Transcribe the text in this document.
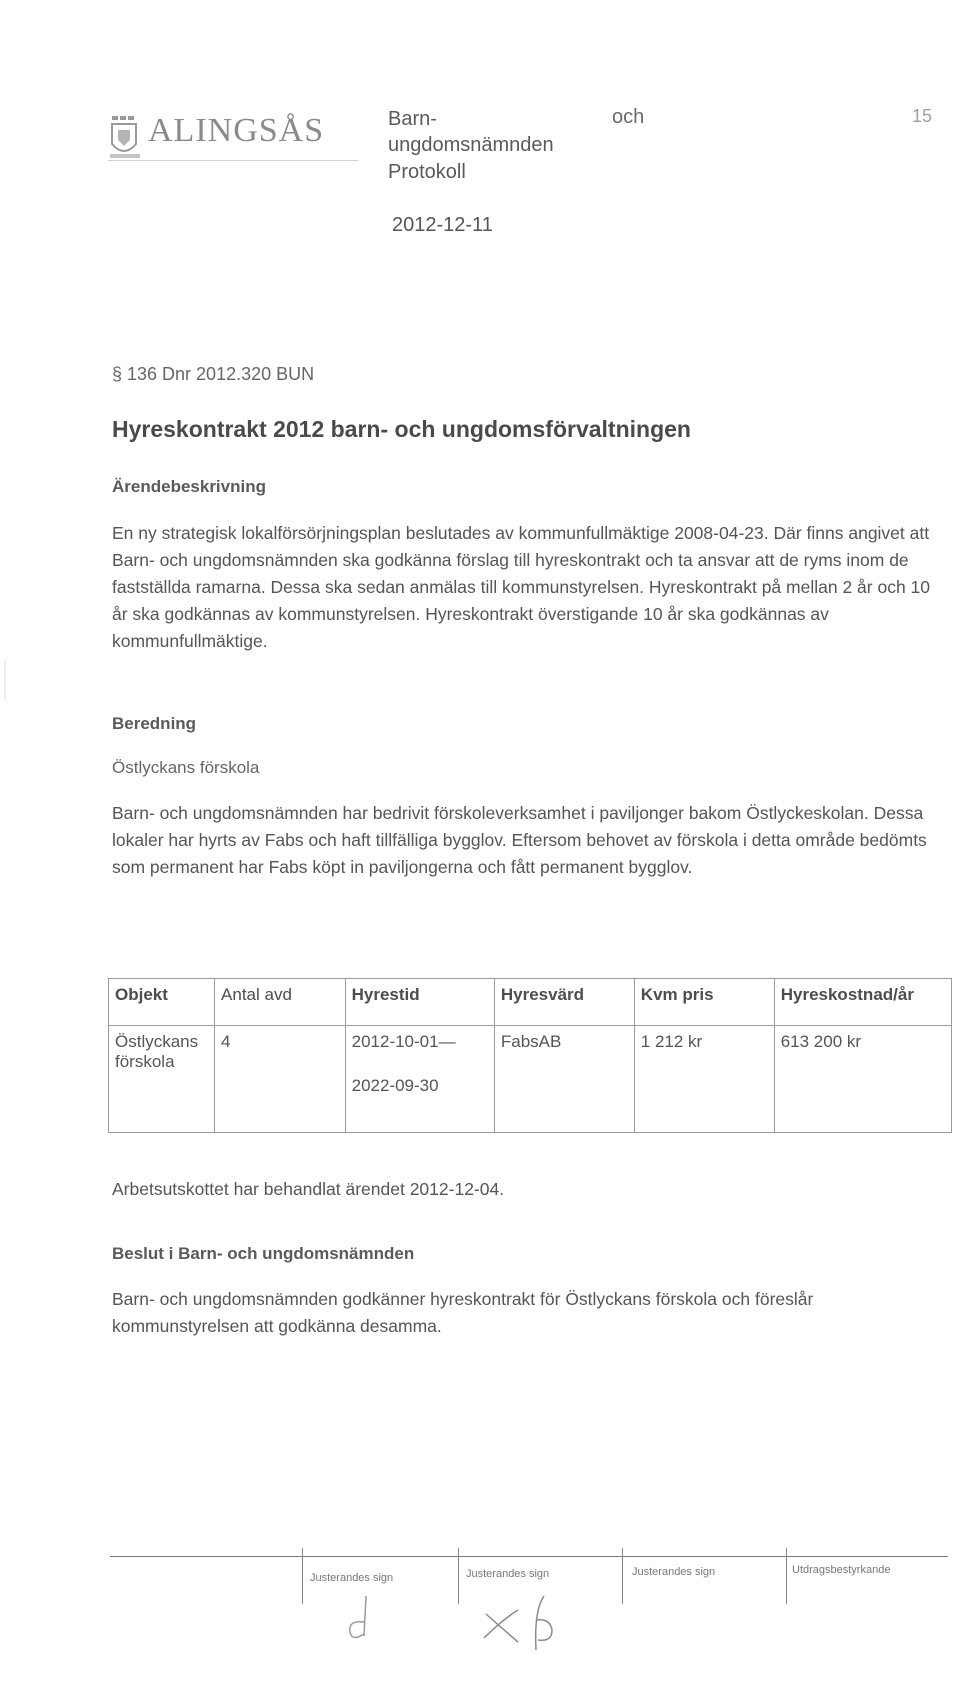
ALINGSÅS	Barn-	och
ungdomsnämnden
Protokoll
15
2012-12-11
§ 136 Dnr 2012.320 BUN
Hyreskontrakt 2012 barn- och ungdomsförvaltningen
Ärendebeskrivning
En ny strategisk lokalförsörjningsplan beslutades av kommunfullmäktige 2008-04-23. Där finns angivet att Barn- och ungdomsnämnden ska godkänna förslag till hyreskontrakt och ta ansvar att de ryms inom de fastställda ramarna. Dessa ska sedan anmälas till kommunstyrelsen. Hyreskontrakt på mellan 2 år och 10 år ska godkännas av kommunstyrelsen. Hyreskontrakt överstigande 10 år ska godkännas av kommunfullmäktige.
Beredning
Östlyckans förskola
Barn- och ungdomsnämnden har bedrivit förskoleverksamhet i paviljonger bakom Östlyckeskolan. Dessa lokaler har hyrts av Fabs och haft tillfälliga bygglov. Eftersom behovet av förskola i detta område bedömts som permanent har Fabs köpt in paviljongerna och fått permanent bygglov.
Objekt	Antal avd	Hyrestid	Hyresvärd	Kvm pris	Hyreskostnad/år
Östlyckans
förskola	4	2012-10-01—
2022-09-30	FabsAB	1 212 kr	613 200 kr
Arbetsutskottet har behandlat ärendet 2012-12-04.
Beslut i Barn- och ungdomsnämnden
Barn- och ungdomsnämnden godkänner hyreskontrakt för Östlyckans förskola och föreslår kommunstyrelsen att godkänna desamma.
Justerandes sign	Justerandes sign	Justerandes sign	Utdragsbestyrkande
